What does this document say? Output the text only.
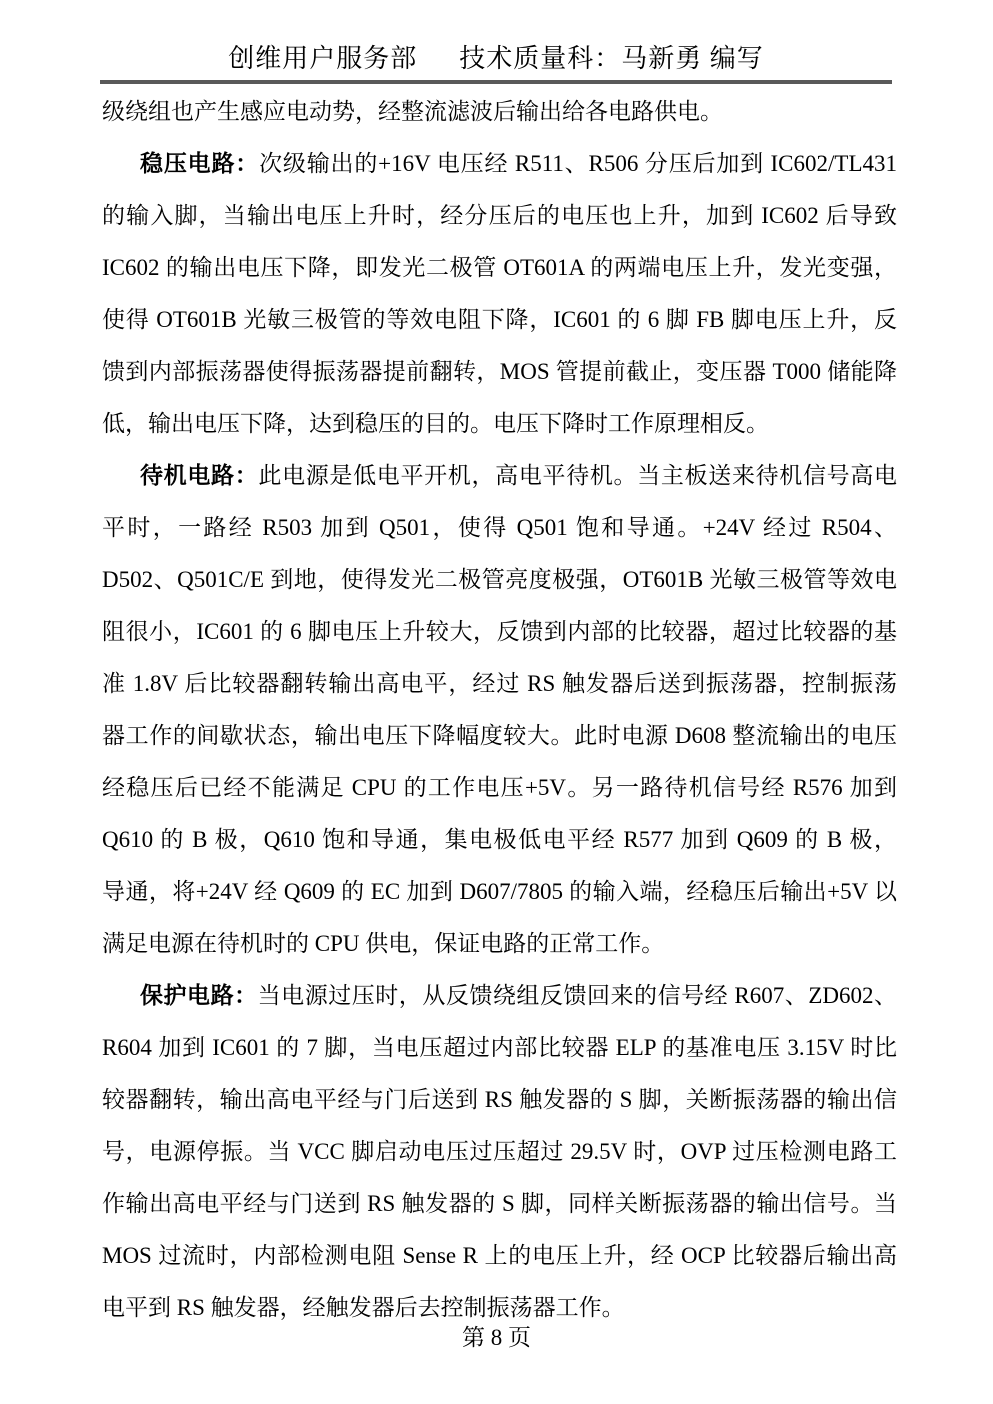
创维用户服务部 技术质量科：马新勇 编写
级绕组也产生感应电动势，经整流滤波后输出给各电路供电。
稳压电路：次级输出的+16V 电压经 R511、R506 分压后加到 IC602/TL431
的输入脚，当输出电压上升时，经分压后的电压也上升，加到 IC602 后导致
IC602 的输出电压下降，即发光二极管 OT601A 的两端电压上升，发光变强，
使得 OT601B 光敏三极管的等效电阻下降，IC601 的 6 脚 FB 脚电压上升，反
馈到内部振荡器使得振荡器提前翻转，MOS 管提前截止，变压器 T000 储能降
低，输出电压下降，达到稳压的目的。电压下降时工作原理相反。
待机电路：此电源是低电平开机，高电平待机。当主板送来待机信号高电
平时，一路经 R503 加到 Q501，使得 Q501 饱和导通。+24V 经过 R504、
D502、Q501C/E 到地，使得发光二极管亮度极强，OT601B 光敏三极管等效电
阻很小，IC601 的 6 脚电压上升较大，反馈到内部的比较器，超过比较器的基
准 1.8V 后比较器翻转输出高电平，经过 RS 触发器后送到振荡器，控制振荡
器工作的间歇状态，输出电压下降幅度较大。此时电源 D608 整流输出的电压
经稳压后已经不能满足 CPU 的工作电压+5V。另一路待机信号经 R576 加到
Q610 的 B 极，Q610 饱和导通，集电极低电平经 R577 加到 Q609 的 B 极，
导通，将+24V 经 Q609 的 EC 加到 D607/7805 的输入端，经稳压后输出+5V 以
满足电源在待机时的 CPU 供电，保证电路的正常工作。
保护电路：当电源过压时，从反馈绕组反馈回来的信号经 R607、ZD602、
R604 加到 IC601 的 7 脚，当电压超过内部比较器 ELP 的基准电压 3.15V 时比
较器翻转，输出高电平经与门后送到 RS 触发器的 S 脚，关断振荡器的输出信
号，电源停振。当 VCC 脚启动电压过压超过 29.5V 时，OVP 过压检测电路工
作输出高电平经与门送到 RS 触发器的 S 脚，同样关断振荡器的输出信号。当
MOS 过流时，内部检测电阻 Sense R 上的电压上升，经 OCP 比较器后输出高
电平到 RS 触发器，经触发器后去控制振荡器工作。
第 8 页
